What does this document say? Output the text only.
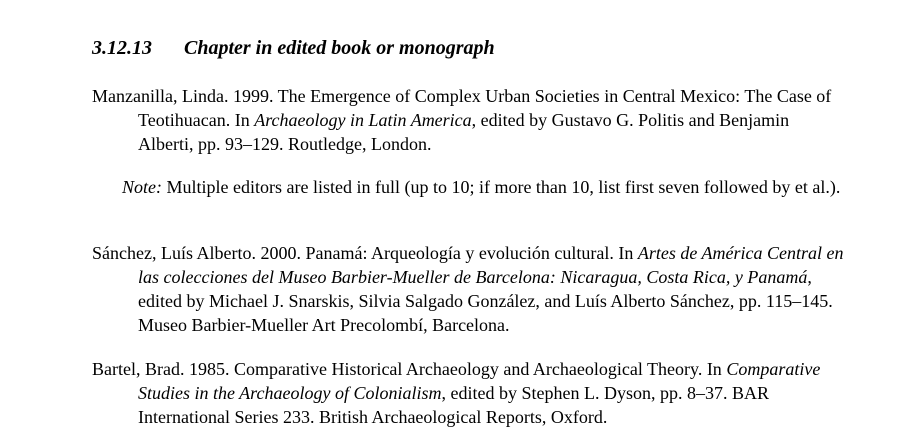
3.12.13 Chapter in edited book or monograph
Manzanilla, Linda. 1999. The Emergence of Complex Urban Societies in Central Mexico: The Case of Teotihuacan. In Archaeology in Latin America, edited by Gustavo G. Politis and Benjamin Alberti, pp. 93–129. Routledge, London.
Note: Multiple editors are listed in full (up to 10; if more than 10, list first seven followed by et al.).
Sánchez, Luís Alberto. 2000. Panamá: Arqueología y evolución cultural. In Artes de América Central en las colecciones del Museo Barbier-Mueller de Barcelona: Nicaragua, Costa Rica, y Panamá, edited by Michael J. Snarskis, Silvia Salgado González, and Luís Alberto Sánchez, pp. 115–145. Museo Barbier-Mueller Art Precolombí, Barcelona.
Bartel, Brad. 1985. Comparative Historical Archaeology and Archaeological Theory. In Comparative Studies in the Archaeology of Colonialism, edited by Stephen L. Dyson, pp. 8–37. BAR International Series 233. British Archaeological Reports, Oxford.
